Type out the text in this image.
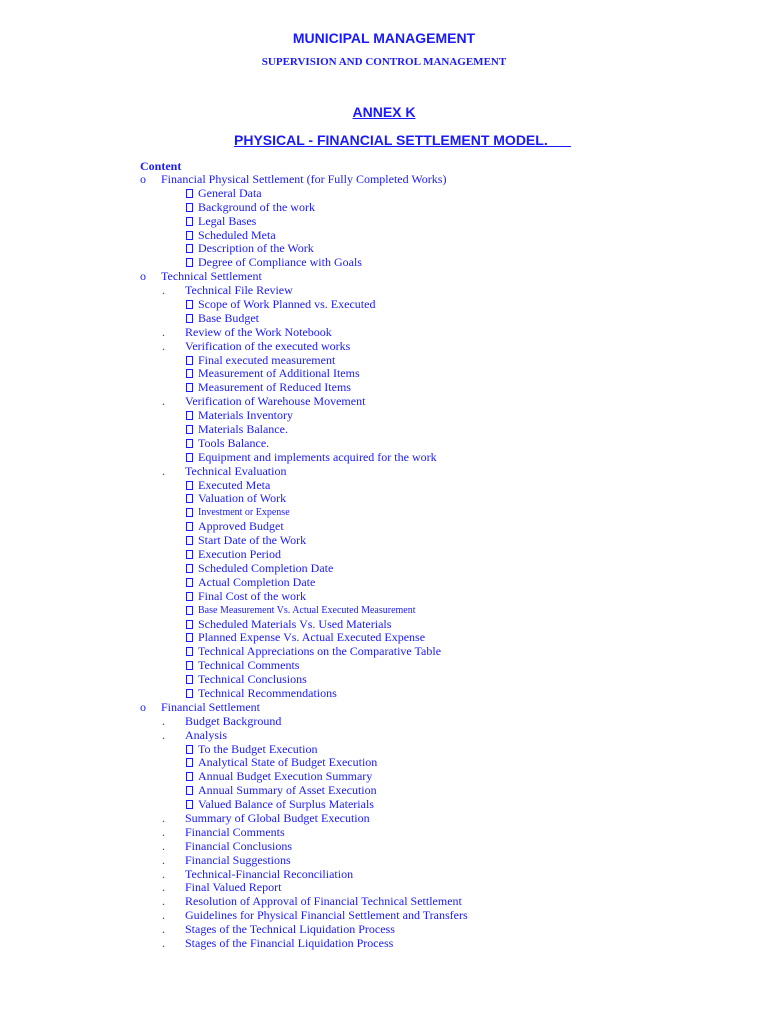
MUNICIPAL MANAGEMENT
SUPERVISION AND CONTROL MANAGEMENT
ANNEX K
PHYSICAL - FINANCIAL SETTLEMENT MODEL.
Content
o Financial Physical Settlement (for Fully Completed Works)
General Data
Background of the work
Legal Bases
Scheduled Meta
Description of the Work
Degree of Compliance with Goals
o Technical Settlement
. Technical File Review
Scope of Work Planned vs. Executed
Base Budget
. Review of the Work Notebook
. Verification of the executed works
Final executed measurement
Measurement of Additional Items
Measurement of Reduced Items
. Verification of Warehouse Movement
Materials Inventory
Materials Balance.
Tools Balance.
Equipment and implements acquired for the work
. Technical Evaluation
Executed Meta
Valuation of Work
Investment or Expense
Approved Budget
Start Date of the Work
Execution Period
Scheduled Completion Date
Actual Completion Date
Final Cost of the work
Base Measurement Vs. Actual Executed Measurement
Scheduled Materials Vs. Used Materials
Planned Expense Vs. Actual Executed Expense
Technical Appreciations on the Comparative Table
Technical Comments
Technical Conclusions
Technical Recommendations
o Financial Settlement
. Budget Background
. Analysis
To the Budget Execution
Analytical State of Budget Execution
Annual Budget Execution Summary
Annual Summary of Asset Execution
Valued Balance of Surplus Materials
. Summary of Global Budget Execution
. Financial Comments
. Financial Conclusions
. Financial Suggestions
. Technical-Financial Reconciliation
. Final Valued Report
. Resolution of Approval of Financial Technical Settlement
. Guidelines for Physical Financial Settlement and Transfers
. Stages of the Technical Liquidation Process
. Stages of the Financial Liquidation Process
